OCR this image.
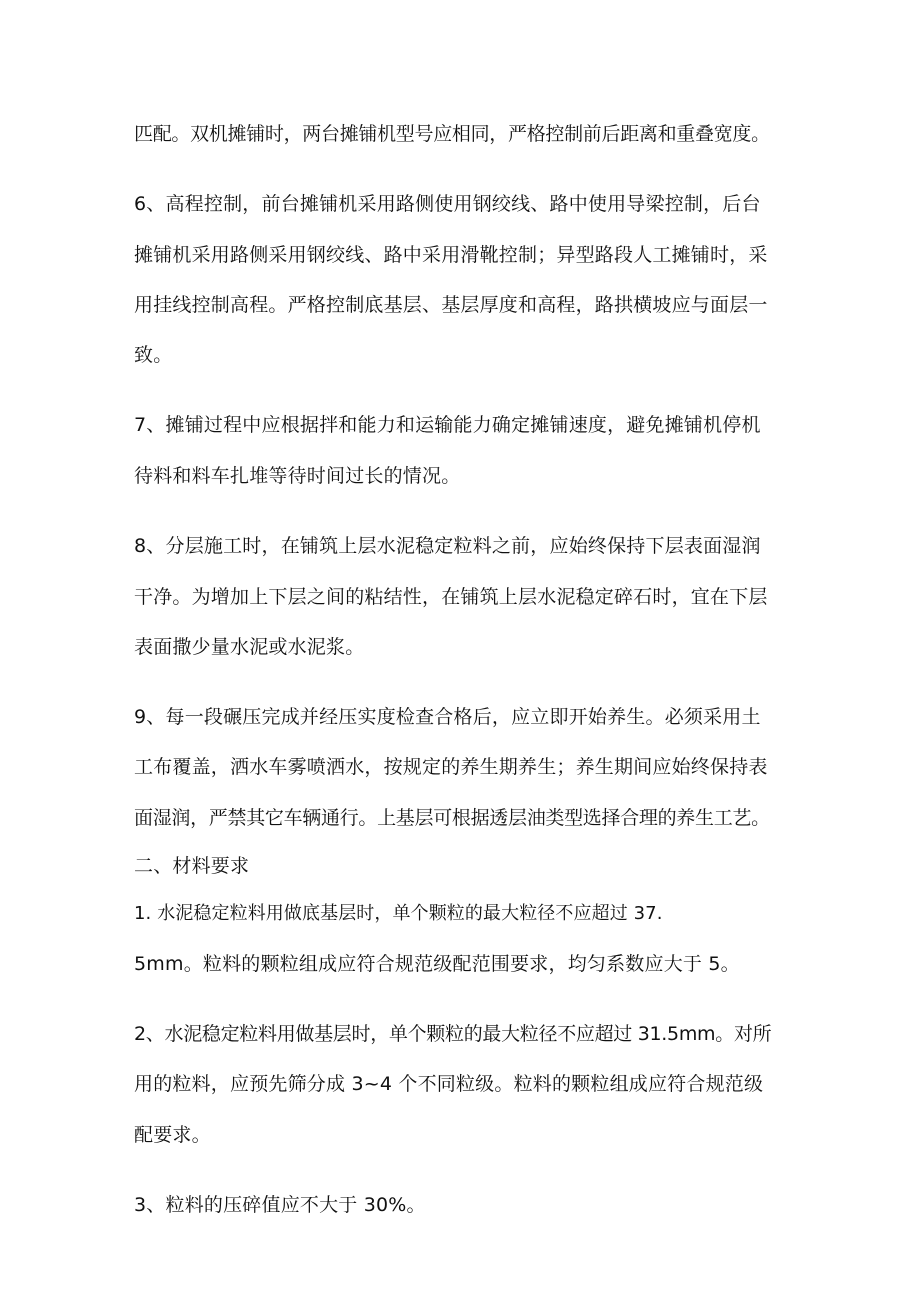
匹配。双机摊铺时，两台摊铺机型号应相同，严格控制前后距离和重叠宽度。
6、高程控制，前台摊铺机采用路侧使用钢绞线、路中使用导梁控制，后台
摊铺机采用路侧采用钢绞线、路中采用滑靴控制；异型路段人工摊铺时，采
用挂线控制高程。严格控制底基层、基层厚度和高程，路拱横坡应与面层一
致。
7、摊铺过程中应根据拌和能力和运输能力确定摊铺速度，避免摊铺机停机
待料和料车扎堆等待时间过长的情况。
8、分层施工时，在铺筑上层水泥稳定粒料之前，应始终保持下层表面湿润
干净。为增加上下层之间的粘结性，在铺筑上层水泥稳定碎石时，宜在下层
表面撒少量水泥或水泥浆。
9、每一段碾压完成并经压实度检查合格后，应立即开始养生。必须采用土
工布覆盖，洒水车雾喷洒水，按规定的养生期养生；养生期间应始终保持表
面湿润，严禁其它车辆通行。上基层可根据透层油类型选择合理的养生工艺。
二、材料要求
1. 水泥稳定粒料用做底基层时，单个颗粒的最大粒径不应超过 37.
5mm。粒料的颗粒组成应符合规范级配范围要求，均匀系数应大于 5。
2、水泥稳定粒料用做基层时，单个颗粒的最大粒径不应超过 31.5mm。对所
用的粒料，应预先筛分成 3~4 个不同粒级。粒料的颗粒组成应符合规范级
配要求。
3、粒料的压碎值应不大于 30%。
